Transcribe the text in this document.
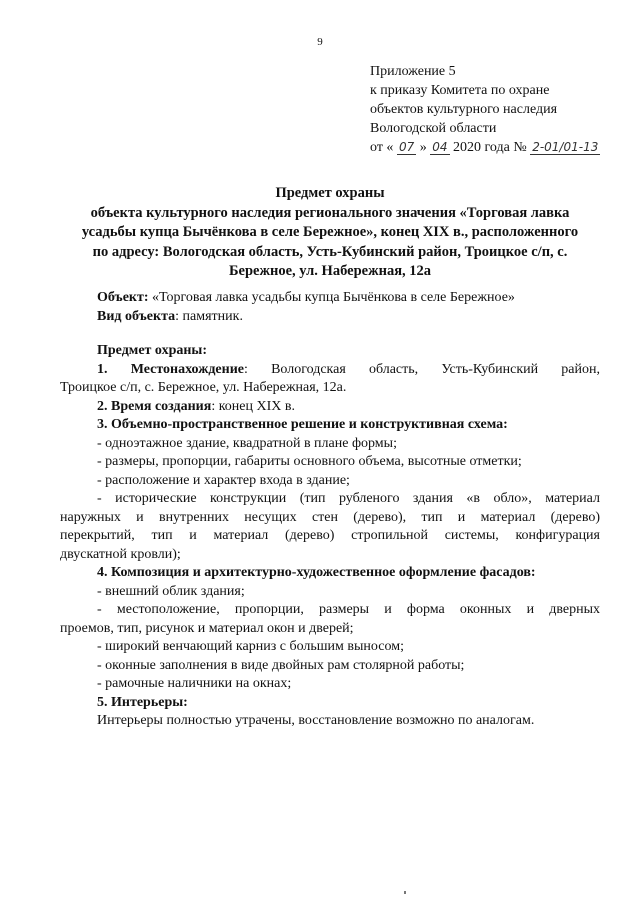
9
Приложение 5
к приказу Комитета по охране
объектов культурного наследия
Вологодской области
от « 07 » 04 2020 года № 2-01/01-13
Предмет охраны
объекта культурного наследия регионального значения «Торговая лавка
усадьбы купца Бычёнкова в селе Бережное», конец XIX в., расположенного
по адресу: Вологодская область, Усть-Кубинский район, Троицкое с/п, с.
Бережное, ул. Набережная, 12а
Объект: «Торговая лавка усадьбы купца Бычёнкова в селе Бережное»
Вид объекта: памятник.

Предмет охраны:

1. Местонахождение: Вологодская область, Усть-Кубинский район,

Троицкое с/п, с. Бережное, ул. Набережная, 12а.

2. Время создания: конец XIX в.

3. Объемно-пространственное решение и конструктивная схема:

- одноэтажное здание, квадратной в плане формы;

- размеры, пропорции, габариты основного объема, высотные отметки;

- расположение и характер входа в здание;

- исторические конструкции (тип рубленого здания «в обло», материал

наружных и внутренних несущих стен (дерево), тип и материал (дерево)
перекрытий, тип и материал (дерево) стропильной системы, конфигурация
двускатной кровли);

4. Композиция и архитектурно-художественное оформление фасадов:

- внешний облик здания;

- местоположение, пропорции, размеры и форма оконных и дверных

проемов, тип, рисунок и материал окон и дверей;

- широкий венчающий карниз с большим выносом;

- оконные заполнения в виде двойных рам столярной работы;

- рамочные наличники на окнах;

5. Интерьеры:

Интерьеры полностью утрачены, восстановление возможно по аналогам.
